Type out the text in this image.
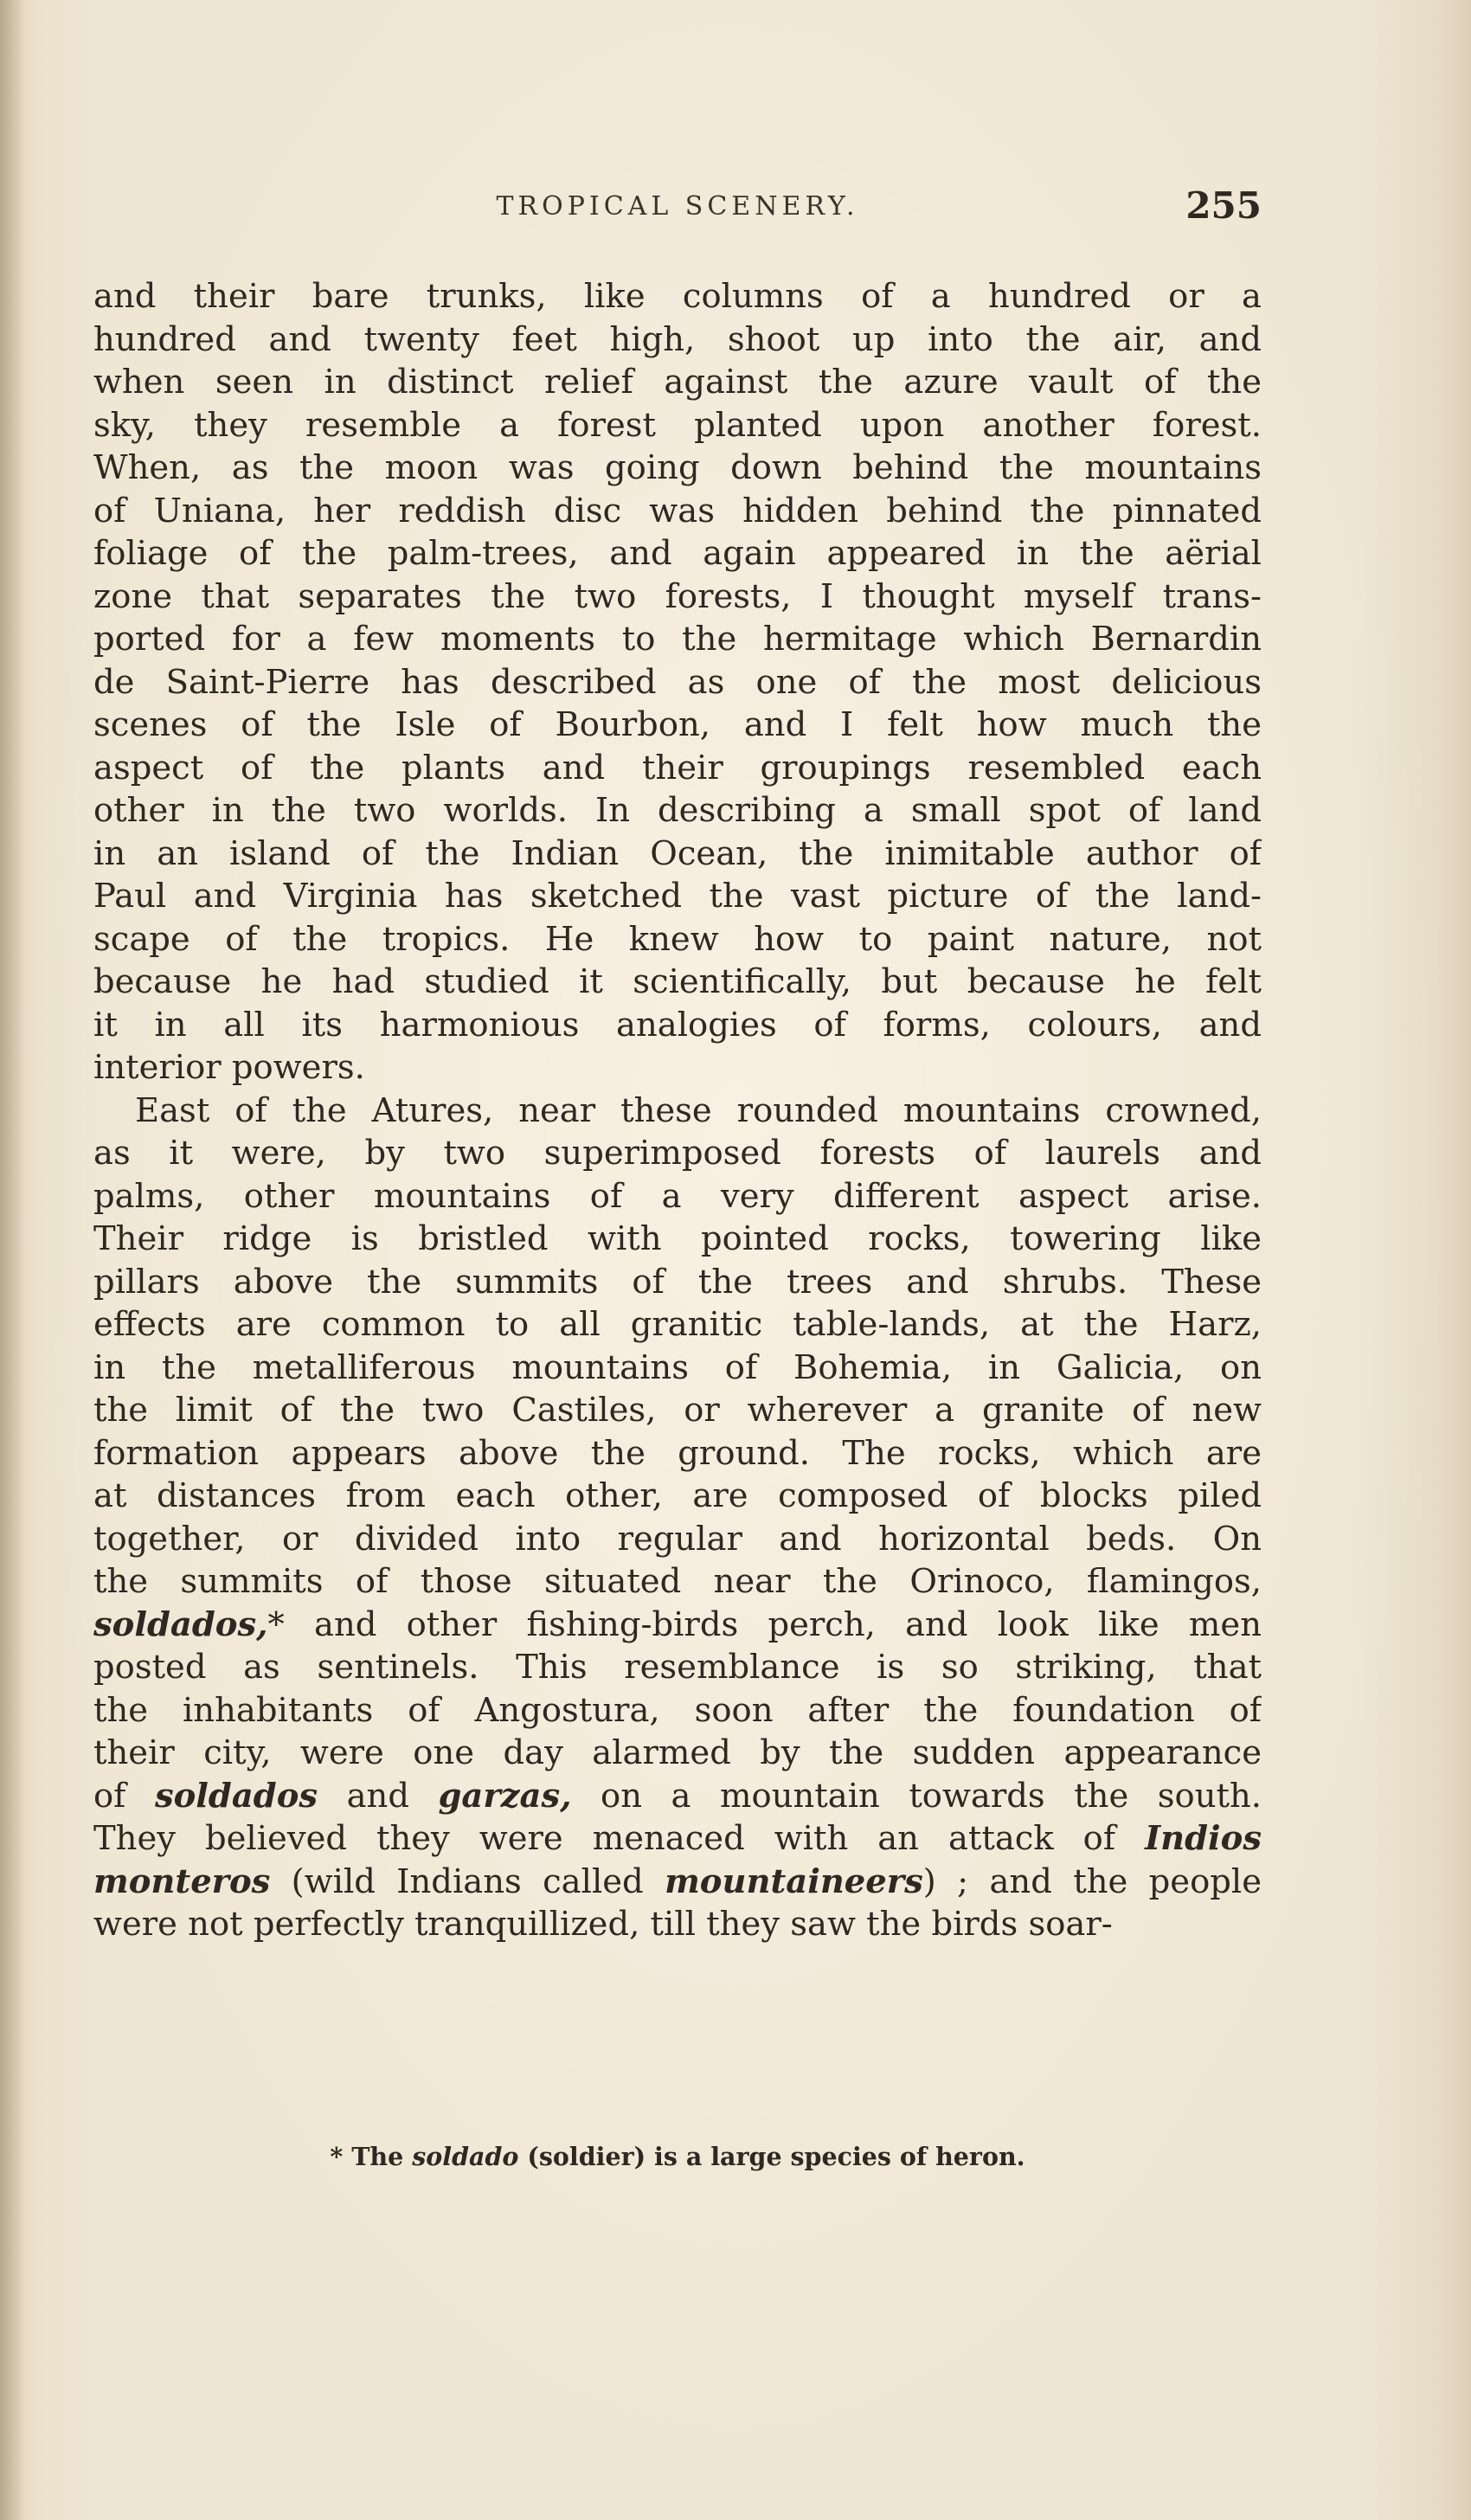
TROPICAL SCENERY.	255
and their bare trunks, like columns of a hundred or a
hundred and twenty feet high, shoot up into the air, and
when seen in distinct relief against the azure vault of the
sky, they resemble a forest planted upon another forest.
When, as the moon was going down behind the mountains
of Uniana, her reddish disc was hidden behind the pinnated
foliage of the palm-trees, and again appeared in the aërial
zone that separates the two forests, I thought myself trans-
ported for a few moments to the hermitage which Bernardin
de Saint-Pierre has described as one of the most delicious
scenes of the Isle of Bourbon, and I felt how much the
aspect of the plants and their groupings resembled each
other in the two worlds. In describing a small spot of land
in an island of the Indian Ocean, the inimitable author of
Paul and Virginia has sketched the vast picture of the land-
scape of the tropics. He knew how to paint nature, not
because he had studied it scientifically, but because he felt
it in all its harmonious analogies of forms, colours, and
interior powers.
East of the Atures, near these rounded mountains crowned,
as it were, by two superimposed forests of laurels and
palms, other mountains of a very different aspect arise.
Their ridge is bristled with pointed rocks, towering like
pillars above the summits of the trees and shrubs. These
effects are common to all granitic table-lands, at the Harz,
in the metalliferous mountains of Bohemia, in Galicia, on
the limit of the two Castiles, or wherever a granite of new
formation appears above the ground. The rocks, which are
at distances from each other, are composed of blocks piled
together, or divided into regular and horizontal beds. On
the summits of those situated near the Orinoco, flamingos,
soldados,* and other fishing-birds perch, and look like men
posted as sentinels. This resemblance is so striking, that
the inhabitants of Angostura, soon after the foundation of
their city, were one day alarmed by the sudden appearance
of soldados and garzas, on a mountain towards the south.
They believed they were menaced with an attack of Indios
monteros (wild Indians called mountaineers) ; and the people
were not perfectly tranquillized, till they saw the birds soar-
* The soldado (soldier) is a large species of heron.
